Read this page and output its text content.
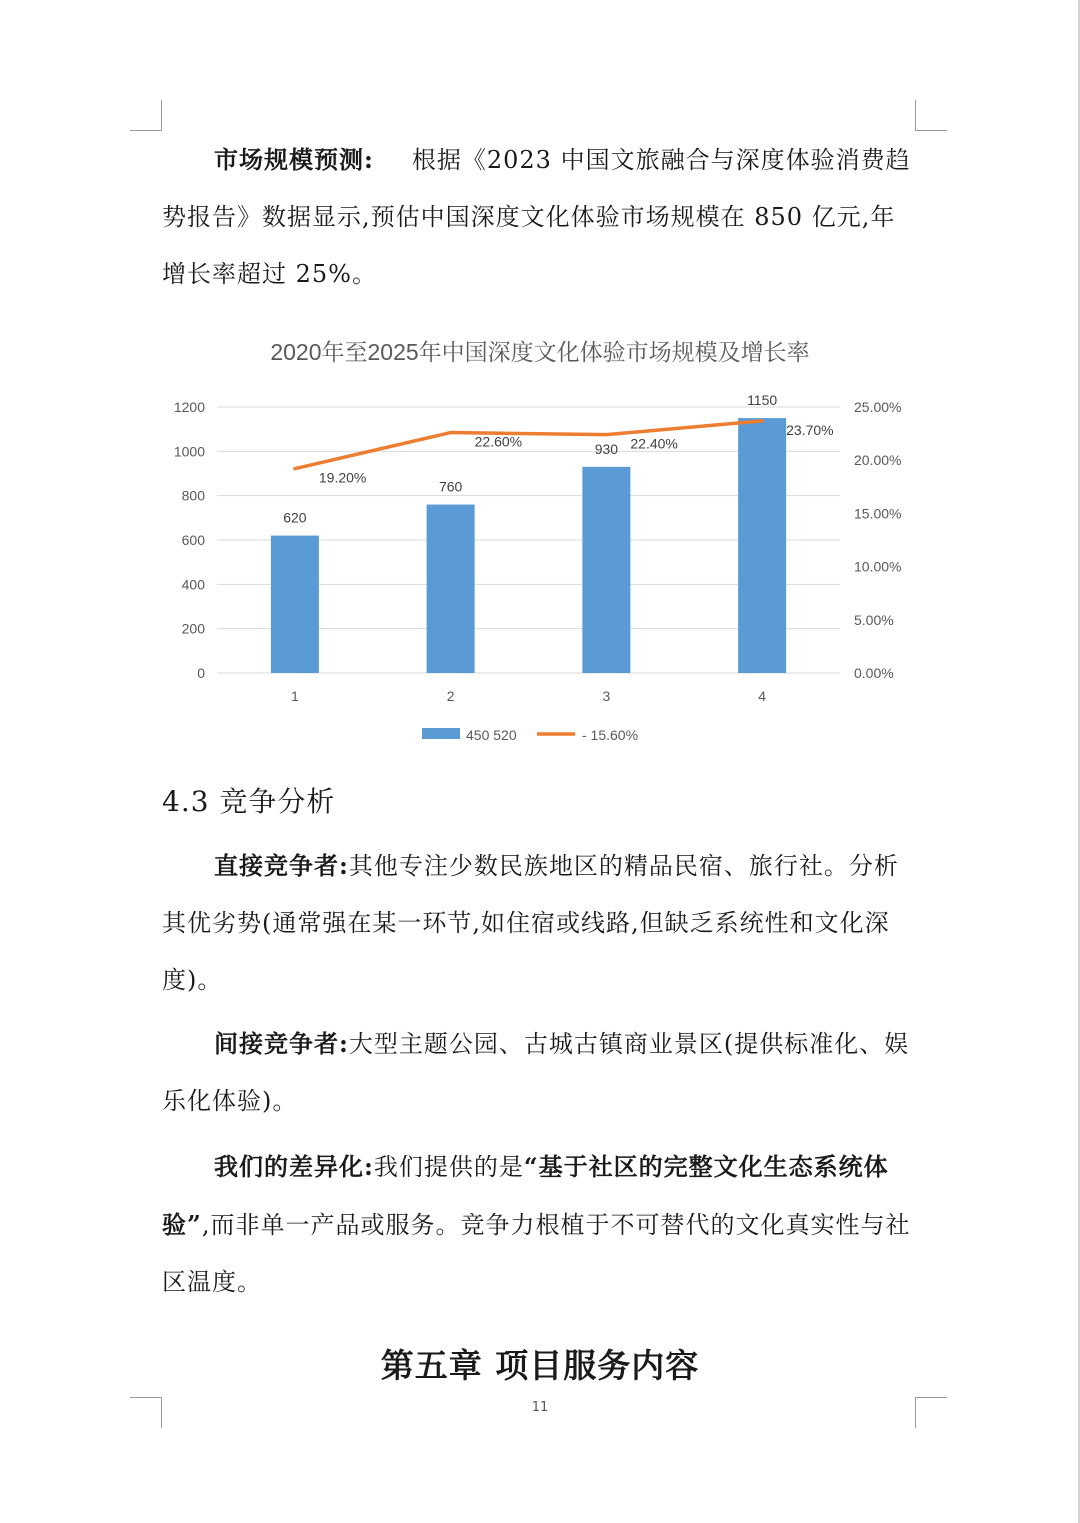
市场规模预测: 根据《2023 中国文旅融合与深度体验消费趋势报告》数据显示,预估中国深度文化体验市场规模在 850 亿元,年增长率超过 25%。

2020年至2025年中国深度文化体验市场规模及增长率
0
200
400
600
800
1000
1200
0.00%
5.00%
10.00%
15.00%
20.00%
25.00%
1	2	3	4
620
760
930
1150
19.20%
22.60%	22.40%
23.70%
450 520	- 15.60%
4.3 竞争分析

直接竞争者:其他专注少数民族地区的精品民宿、旅行社。分析其优劣势(通常强在某一环节,如住宿或线路,但缺乏系统性和文化深度)。

间接竞争者:大型主题公园、古城古镇商业景区(提供标准化、娱乐化体验)。

我们的差异化:我们提供的是“基于社区的完整文化生态系统体验”,而非单一产品或服务。竞争力根植于不可替代的文化真实性与社区温度。

第五章 项目服务内容
11
